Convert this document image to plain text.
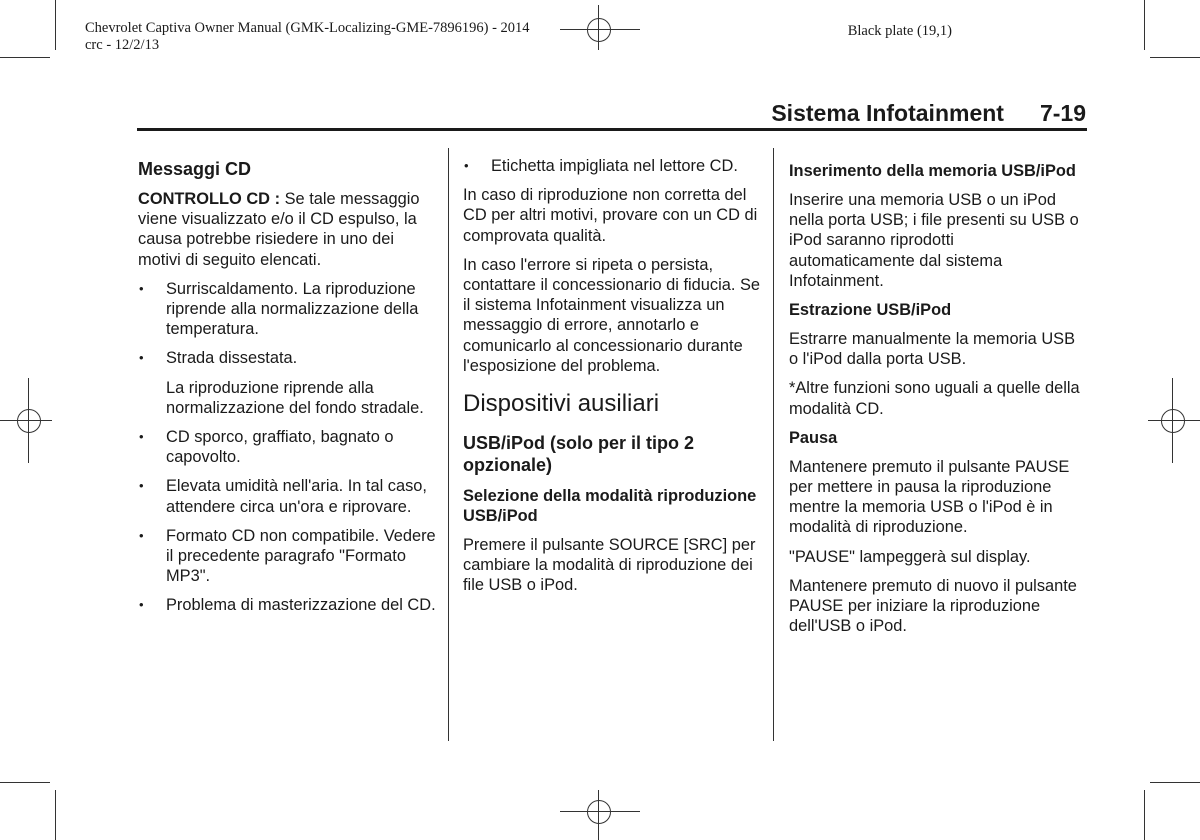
Chevrolet Captiva Owner Manual (GMK-Localizing-GME-7896196) - 2014
crc - 12/2/13
Black plate (19,1)
Sistema Infotainment 7-19
Messaggi CD

CONTROLLO CD : Se tale messaggio viene visualizzato e/o il CD espulso, la causa potrebbe risiedere in uno dei motivi di seguito elencati.

• Surriscaldamento. La riproduzione riprende alla normalizzazione della temperatura.
• Strada dissestata.

La riproduzione riprende alla normalizzazione del fondo stradale.

• CD sporco, graffiato, bagnato o capovolto.
• Elevata umidità nell'aria. In tal caso, attendere circa un'ora e riprovare.
• Formato CD non compatibile. Vedere il precedente paragrafo "Formato MP3".
• Problema di masterizzazione del CD.
• Etichetta impigliata nel lettore CD.

In caso di riproduzione non corretta del CD per altri motivi, provare con un CD di comprovata qualità.

In caso l'errore si ripeta o persista, contattare il concessionario di fiducia. Se il sistema Infotainment visualizza un messaggio di errore, annotarlo e comunicarlo al concessionario durante l'esposizione del problema.

Dispositivi ausiliari
USB/iPod (solo per il tipo 2 opzionale)
Selezione della modalità riproduzione USB/iPod

Premere il pulsante SOURCE [SRC] per cambiare la modalità di riproduzione dei file USB o iPod.

Inserimento della memoria USB/iPod

Inserire una memoria USB o un iPod nella porta USB; i file presenti su USB o iPod saranno riprodotti automaticamente dal sistema Infotainment.

Estrazione USB/iPod

Estrarre manualmente la memoria USB o l'iPod dalla porta USB.

*Altre funzioni sono uguali a quelle della modalità CD.

Pausa

Mantenere premuto il pulsante PAUSE per mettere in pausa la riproduzione mentre la memoria USB o l'iPod è in modalità di riproduzione.

"PAUSE" lampeggerà sul display.

Mantenere premuto di nuovo il pulsante PAUSE per iniziare la riproduzione dell'USB o iPod.
